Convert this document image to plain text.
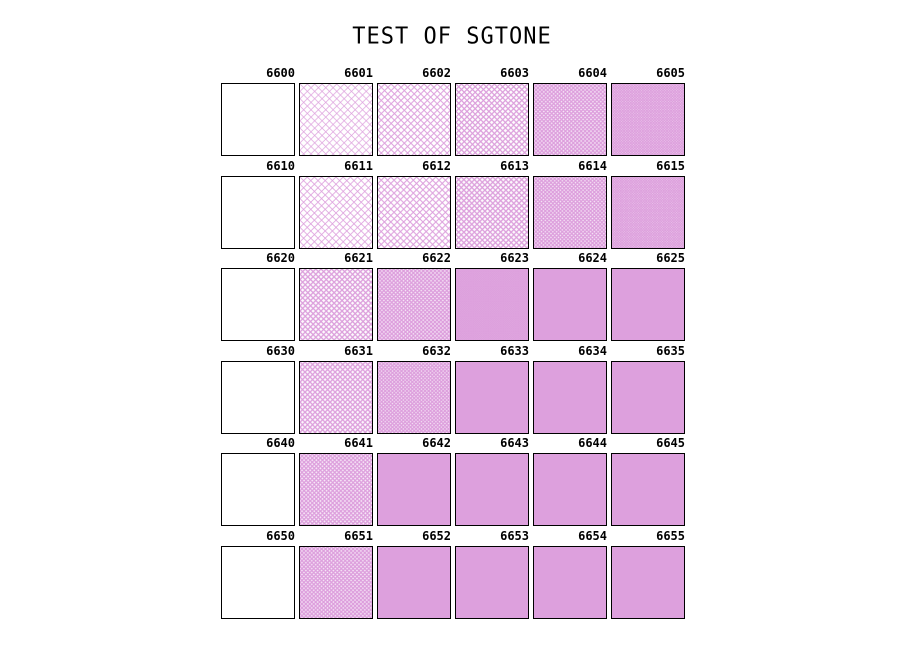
TEST OF SGTONE
6600	6601	6602	6603	6604	6605
6610	6611	6612	6613	6614	6615
6620	6621	6622	6623	6624	6625
6630	6631	6632	6633	6634	6635
6640	6641	6642	6643	6644	6645
6650	6651	6652	6653	6654	6655
